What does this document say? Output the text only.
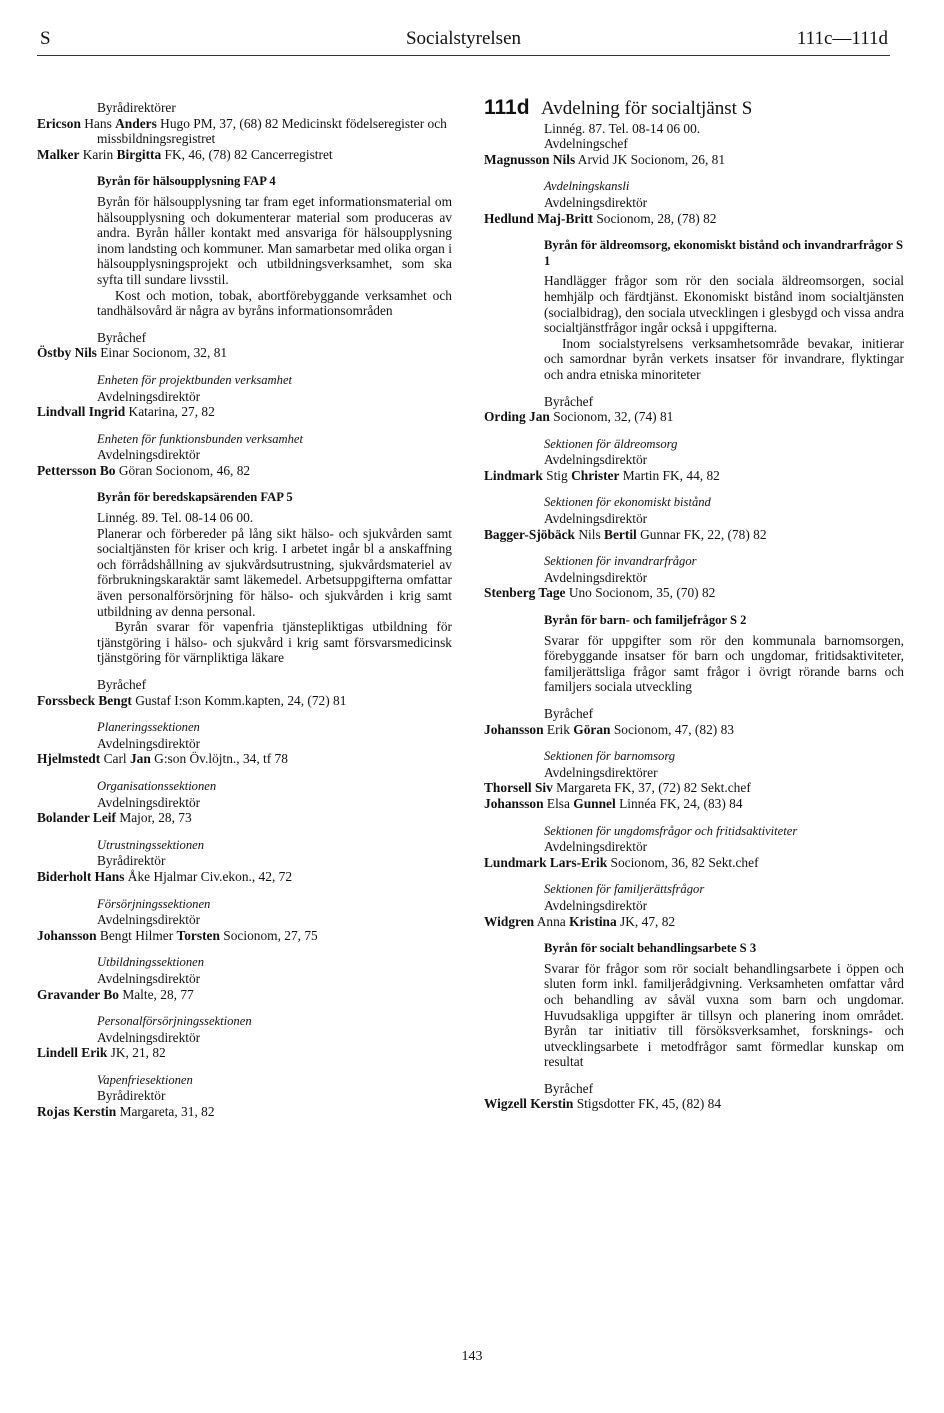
S	Socialstyrelsen	111c—111d
Byrådirektörer
Ericson Hans Anders Hugo PM, 37, (68) 82 Medicinskt födelseregister och missbildningsregistret
Malker Karin Birgitta FK, 46, (78) 82 Cancerregistret
Byrån för hälsoupplysning FAP 4

Byrån för hälsoupplysning tar fram eget informationsmaterial om hälsoupplysning och dokumenterar material som produceras av andra. Byrån håller kontakt med ansvariga för hälsoupplysning inom landsting och kommuner. Man samarbetar med olika organ i hälsoupplysningsprojekt och utbildningsverksamhet, som ska syfta till sundare livsstil.

Kost och motion, tobak, abortförebyggande verksamhet och tandhälsovård är några av byråns informationsområden

Byråchef
Östby Nils Einar Socionom, 32, 81
Enheten för projektbunden verksamhet
Avdelningsdirektör
Lindvall Ingrid Katarina, 27, 82
Enheten för funktionsbunden verksamhet
Avdelningsdirektör
Pettersson Bo Göran Socionom, 46, 82
Byrån för beredskapsärenden FAP 5
Linnég. 89. Tel. 08-14 06 00.

Planerar och förbereder på lång sikt hälso- och sjukvården samt socialtjänsten för kriser och krig. I arbetet ingår bl a anskaffning och förrådshållning av sjukvårdsutrustning, sjukvårdsmateriel av förbrukningskaraktär samt läkemedel. Arbetsuppgifterna omfattar även personalförsörjning för hälso- och sjukvården i krig samt utbildning av denna personal.

Byrån svarar för vapenfria tjänstepliktigas utbildning för tjänstgöring i hälso- och sjukvård i krig samt försvarsmedicinsk tjänstgöring för värnpliktiga läkare

Byråchef
Forssbeck Bengt Gustaf I:son Komm.kapten, 24, (72) 81
Planeringssektionen
Avdelningsdirektör
Hjelmstedt Carl Jan G:son Öv.löjtn., 34, tf 78
Organisationssektionen
Avdelningsdirektör
Bolander Leif Major, 28, 73
Utrustningssektionen
Byrådirektör
Biderholt Hans Åke Hjalmar Civ.ekon., 42, 72
Försörjningssektionen
Avdelningsdirektör
Johansson Bengt Hilmer Torsten Socionom, 27, 75
Utbildningssektionen
Avdelningsdirektör
Gravander Bo Malte, 28, 77
Personalförsörjningssektionen
Avdelningsdirektör
Lindell Erik JK, 21, 82
Vapenfriesektionen
Byrådirektör
Rojas Kerstin Margareta, 31, 82
111d Avdelning för socialtjänst S
Linnég. 87. Tel. 08-14 06 00.
Avdelningschef
Magnusson Nils Arvid JK Socionom, 26, 81
Avdelningskansli
Avdelningsdirektör
Hedlund Maj-Britt Socionom, 28, (78) 82
Byrån för äldreomsorg, ekonomiskt bistånd och invandrarfrågor S 1

Handlägger frågor som rör den sociala äldreomsorgen, social hemhjälp och färdtjänst. Ekonomiskt bistånd inom socialtjänsten (socialbidrag), den sociala utvecklingen i glesbygd och vissa andra socialtjänstfrågor ingår också i uppgifterna.

Inom socialstyrelsens verksamhetsområde bevakar, initierar och samordnar byrån verkets insatser för invandrare, flyktingar och andra etniska minoriteter

Byråchef
Ording Jan Socionom, 32, (74) 81
Sektionen för äldreomsorg
Avdelningsdirektör
Lindmark Stig Christer Martin FK, 44, 82
Sektionen för ekonomiskt bistånd
Avdelningsdirektör
Bagger-Sjöbäck Nils Bertil Gunnar FK, 22, (78) 82
Sektionen för invandrarfrågor
Avdelningsdirektör
Stenberg Tage Uno Socionom, 35, (70) 82
Byrån för barn- och familjefrågor S 2

Svarar för uppgifter som rör den kommunala barnomsorgen, förebyggande insatser för barn och ungdomar, fritidsaktiviteter, familjerättsliga frågor samt frågor i övrigt rörande barns och familjers sociala utveckling

Byråchef
Johansson Erik Göran Socionom, 47, (82) 83
Sektionen för barnomsorg
Avdelningsdirektörer
Thorsell Siv Margareta FK, 37, (72) 82 Sekt.chef
Johansson Elsa Gunnel Linnéa FK, 24, (83) 84
Sektionen för ungdomsfrågor och fritidsaktiviteter
Avdelningsdirektör
Lundmark Lars-Erik Socionom, 36, 82 Sekt.chef
Sektionen för familjerättsfrågor
Avdelningsdirektör
Widgren Anna Kristina JK, 47, 82
Byrån för socialt behandlingsarbete S 3

Svarar för frågor som rör socialt behandlingsarbete i öppen och sluten form inkl. familjerådgivning. Verksamheten omfattar vård och behandling av såväl vuxna som barn och ungdomar. Huvudsakliga uppgifter är tillsyn och planering inom området. Byrån tar initiativ till försöksverksamhet, forsknings- och utvecklingsarbete i metodfrågor samt förmedlar kunskap om resultat

Byråchef
Wigzell Kerstin Stigsdotter FK, 45, (82) 84
143
